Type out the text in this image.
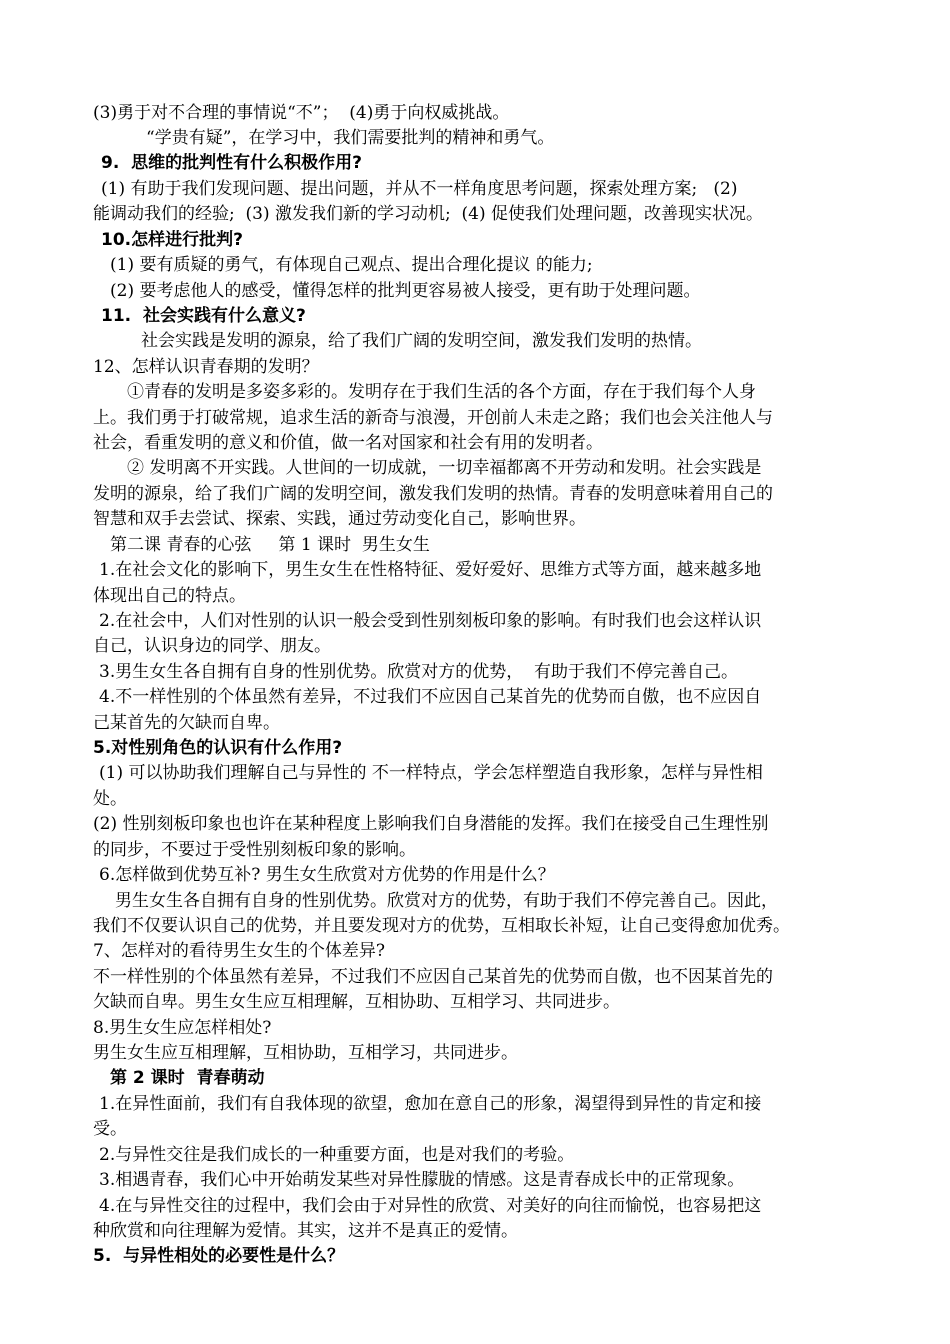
(3)勇于对不合理的事情说“不”；  (4)勇于向权威挑战。
“学贵有疑”，在学习中，我们需要批判的精神和勇气。
9.  思维的批判性有什么积极作用?
(1) 有助于我们发现问题、提出问题，并从不一样角度思考问题，探索处理方案;   (2)
能调动我们的经验;  (3) 激发我们新的学习动机;  (4) 促使我们处理问题，改善现实状况。
10.怎样进行批判?
(1) 要有质疑的勇气，有体现自己观点、提出合理化提议 的能力;
(2) 要考虑他人的感受，懂得怎样的批判更容易被人接受，更有助于处理问题。
11.  社会实践有什么意义?
社会实践是发明的源泉，给了我们广阔的发明空间，激发我们发明的热情。
12、怎样认识青春期的发明？
①青春的发明是多姿多彩的。发明存在于我们生活的各个方面，存在于我们每个人身
上。我们勇于打破常规，追求生活的新奇与浪漫，开创前人未走之路；我们也会关注他人与
社会，看重发明的意义和价值，做一名对国家和社会有用的发明者。
② 发明离不开实践。人世间的一切成就，一切幸福都离不开劳动和发明。社会实践是
发明的源泉，给了我们广阔的发明空间，激发我们发明的热情。青春的发明意味着用自己的
智慧和双手去尝试、探索、实践，通过劳动变化自己，影响世界。
第二课 青春的心弦     第 1 课时  男生女生
1.在社会文化的影响下，男生女生在性格特征、爱好爱好、思维方式等方面，越来越多地
体现出自己的特点。
2.在社会中，人们对性别的认识一般会受到性别刻板印象的影响。有时我们也会这样认识
自己，认识身边的同学、朋友。
3.男生女生各自拥有自身的性别优势。欣赏对方的优势，  有助于我们不停完善自己。
4.不一样性别的个体虽然有差异，不过我们不应因自己某首先的优势而自傲，也不应因自
己某首先的欠缺而自卑。
5.对性别角色的认识有什么作用?
(1) 可以协助我们理解自己与异性的 不一样特点，学会怎样塑造自我形象，怎样与异性相
处。
(2) 性别刻板印象也也许在某种程度上影响我们自身潜能的发挥。我们在接受自己生理性别
的同步，不要过于受性别刻板印象的影响。
6.怎样做到优势互补? 男生女生欣赏对方优势的作用是什么？
男生女生各自拥有自身的性别优势。欣赏对方的优势，有助于我们不停完善自己。因此，
我们不仅要认识自己的优势，并且要发现对方的优势，互相取长补短，让自己变得愈加优秀。
7、怎样对的看待男生女生的个体差异?
不一样性别的个体虽然有差异，不过我们不应因自己某首先的优势而自傲，也不因某首先的
欠缺而自卑。男生女生应互相理解，互相协助、互相学习、共同进步。
8.男生女生应怎样相处?
男生女生应互相理解，互相协助，互相学习，共同进步。
第 2 课时  青春萌动
1.在异性面前，我们有自我体现的欲望，愈加在意自己的形象，渴望得到异性的肯定和接
受。
2.与异性交往是我们成长的一种重要方面，也是对我们的考验。
3.相遇青春，我们心中开始萌发某些对异性朦胧的情感。这是青春成长中的正常现象。
4.在与异性交往的过程中，我们会由于对异性的欣赏、对美好的向往而愉悦，也容易把这
种欣赏和向往理解为爱情。其实，这并不是真正的爱情。
5.  与异性相处的必要性是什么？
